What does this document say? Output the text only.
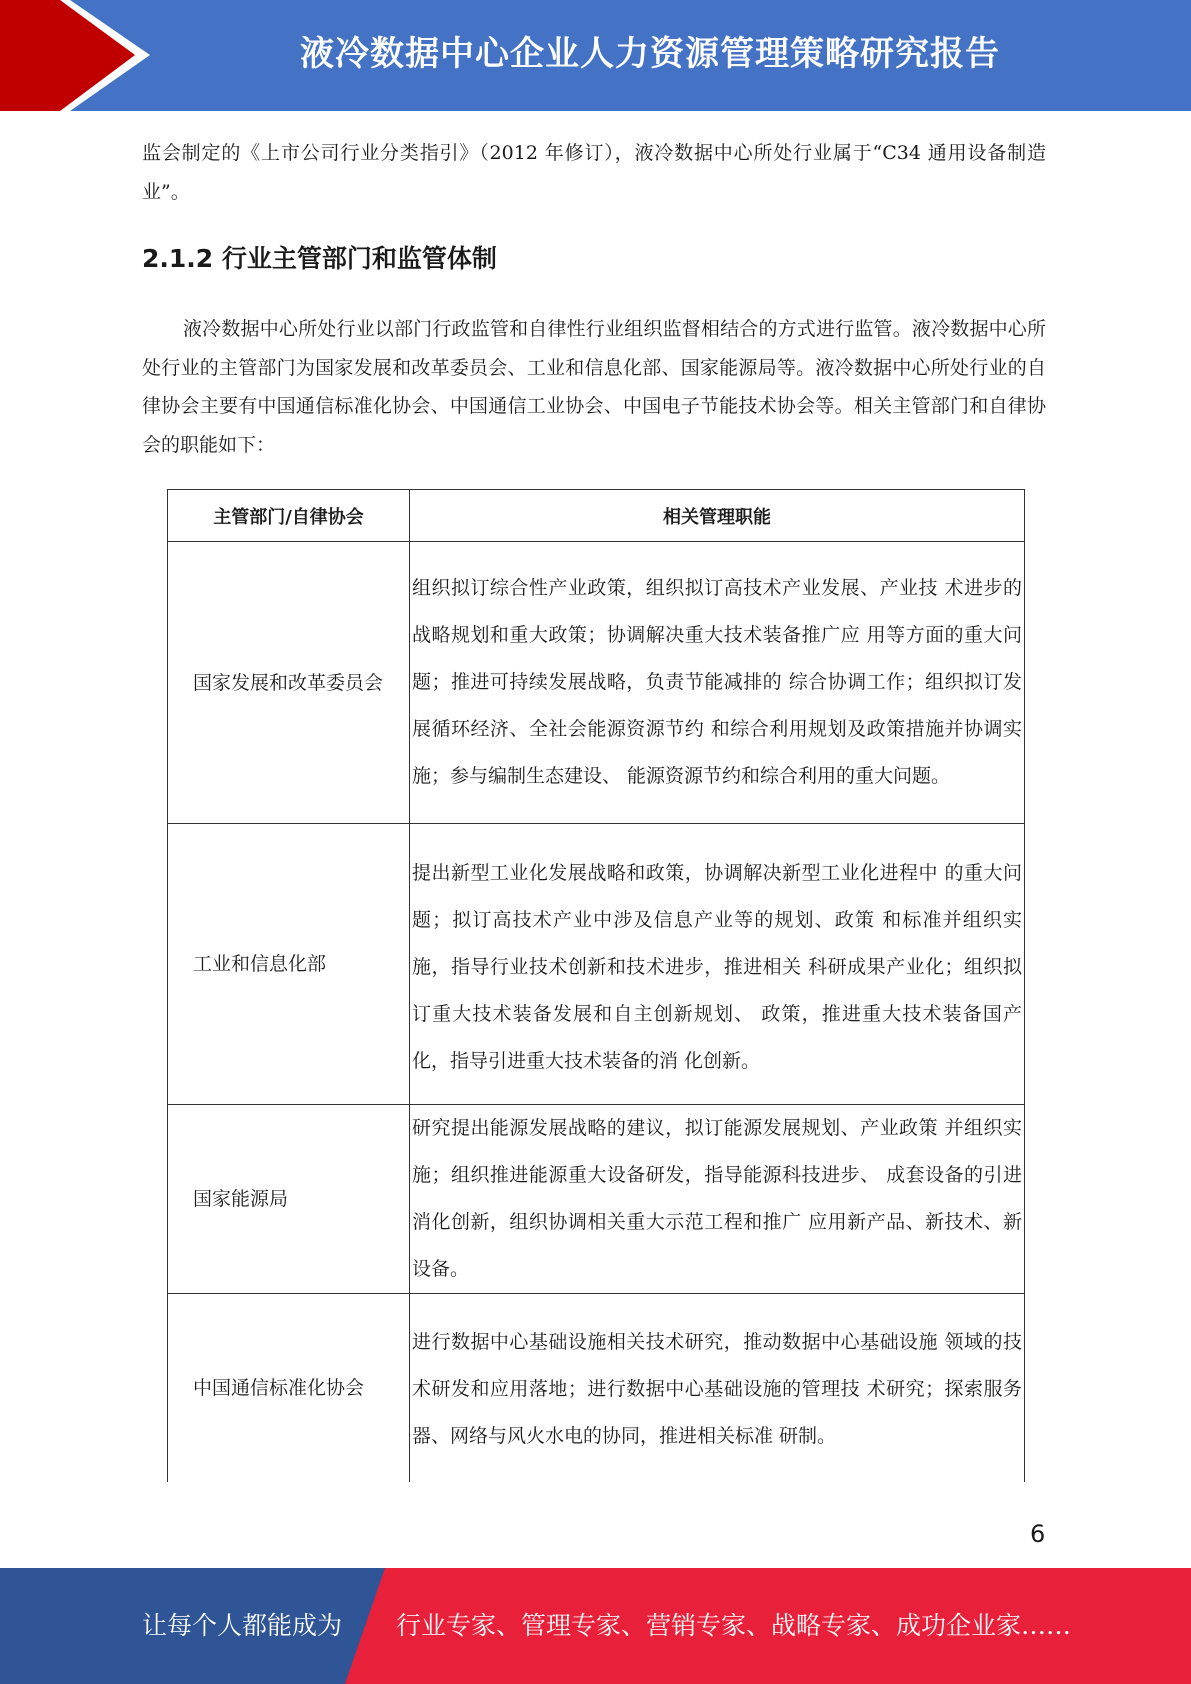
液冷数据中心企业人力资源管理策略研究报告

监会制定的《上市公司行业分类指引》（2012 年修订），液冷数据中心所处行业属于“C34 通用设备制造业”。

2.1.2 行业主管部门和监管体制

液冷数据中心所处行业以部门行政监管和自律性行业组织监督相结合的方式进行监管。液冷数据中心所处行业的主管部门为国家发展和改革委员会、工业和信息化部、国家能源局等。液冷数据中心所处行业的自律协会主要有中国通信标准化协会、中国通信工业协会、中国电子节能技术协会等。相关主管部门和自律协会的职能如下：

主管部门/自律协会	相关管理职能
国家发展和改革委员会	组织拟订综合性产业政策，组织拟订高技术产业发展、产业技 术进步的战略规划和重大政策；协调解决重大技术装备推广应 用等方面的重大问题；推进可持续发展战略，负责节能减排的 综合协调工作；组织拟订发展循环经济、全社会能源资源节约 和综合利用规划及政策措施并协调实施；参与编制生态建设、 能源资源节约和综合利用的重大问题。
工业和信息化部	提出新型工业化发展战略和政策，协调解决新型工业化进程中 的重大问题；拟订高技术产业中涉及信息产业等的规划、政策 和标准并组织实施，指导行业技术创新和技术进步，推进相关 科研成果产业化；组织拟订重大技术装备发展和自主创新规划、 政策，推进重大技术装备国产化，指导引进重大技术装备的消 化创新。
国家能源局	研究提出能源发展战略的建议，拟订能源发展规划、产业政策 并组织实施；组织推进能源重大设备研发，指导能源科技进步、 成套设备的引进消化创新，组织协调相关重大示范工程和推广 应用新产品、新技术、新设备。
中国通信标准化协会	进行数据中心基础设施相关技术研究，推动数据中心基础设施 领域的技术研发和应用落地；进行数据中心基础设施的管理技 术研究；探索服务器、网络与风火水电的协同，推进相关标准 研制。
6
让每个人都能成为 行业专家、管理专家、营销专家、战略专家、成功企业家……
